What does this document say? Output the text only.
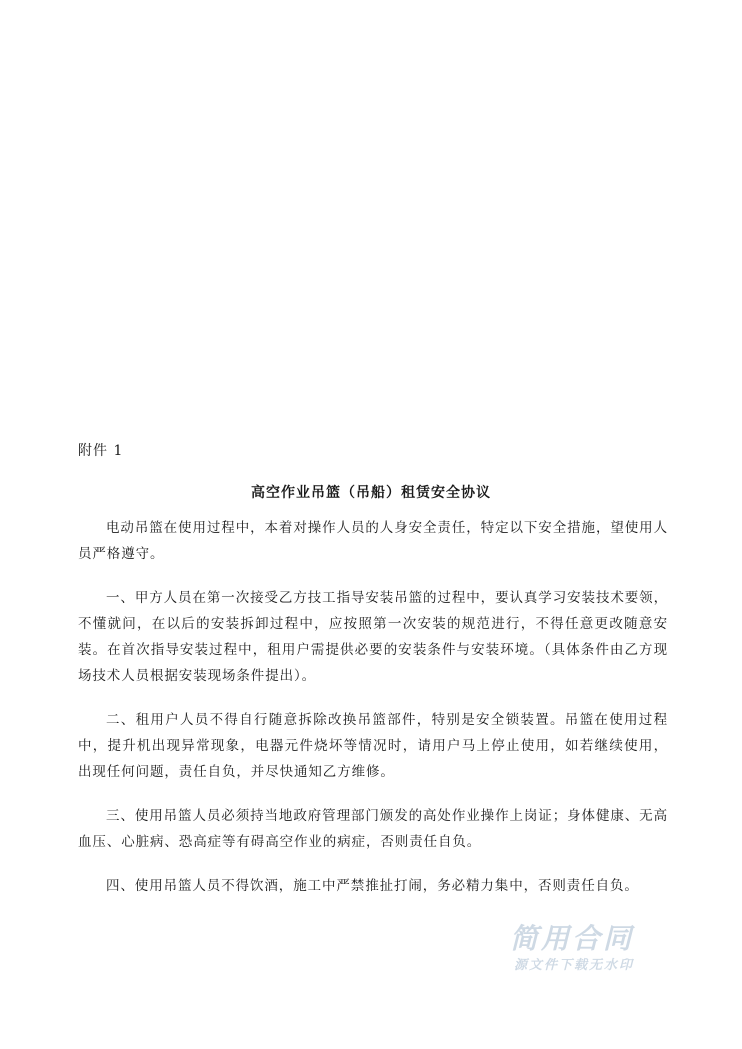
附件 1
高空作业吊篮（吊船）租赁安全协议

电动吊篮在使用过程中，本着对操作人员的人身安全责任，特定以下安全措施，望使用人员严格遵守。

一、甲方人员在第一次接受乙方技工指导安装吊篮的过程中，要认真学习安装技术要领，不懂就问，在以后的安装拆卸过程中，应按照第一次安装的规范进行，不得任意更改随意安装。在首次指导安装过程中，租用户需提供必要的安装条件与安装环境。（具体条件由乙方现场技术人员根据安装现场条件提出）。

二、租用户人员不得自行随意拆除改换吊篮部件，特别是安全锁装置。吊篮在使用过程中，提升机出现异常现象，电器元件烧坏等情况时，请用户马上停止使用，如若继续使用，出现任何问题，责任自负，并尽快通知乙方维修。

三、使用吊篮人员必须持当地政府管理部门颁发的高处作业操作上岗证；身体健康、无高血压、心脏病、恐高症等有碍高空作业的病症，否则责任自负。

四、使用吊篮人员不得饮酒，施工中严禁推扯打闹，务必精力集中，否则责任自负。

简用合同
源文件下载无水印
